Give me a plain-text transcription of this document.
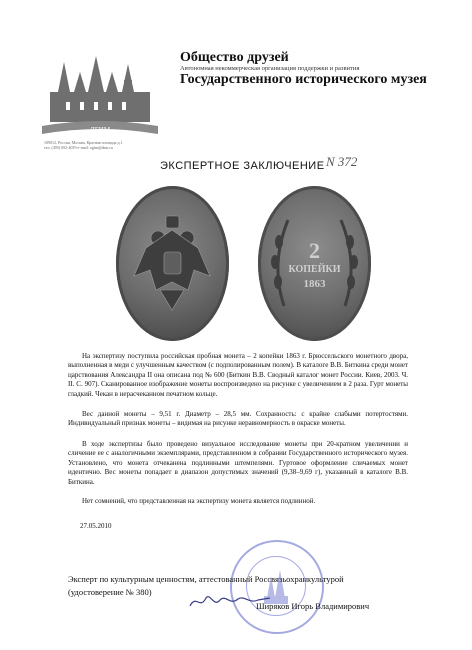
ДГИМ
Общество друзей
Автономная некоммерческая организация поддержки и развития
Государственного исторического музея
109012, Россия, Москва, Красная площадь д.1
тел. (495) 692-4019 e-mail: ogim@shm.ru
ЭКСПЕРТНОЕ ЗАКЛЮЧЕНИЕ N 372
2
КОПЕЙКИ
1863
На экспертизу поступила российская пробная монета – 2 копейки 1863 г. Брюссельского монетного двора, выполненная в меди с улучшенным качеством (с подполированным полем). В каталоге В.В. Биткина среди монет царствования Александра II она описана под № 600 (Биткин В.В. Сводный каталог монет России. Киев, 2003. Ч. II. С. 907). Сканированное изображение монеты воспроизведено на рисунке с увеличением в 2 раза. Гурт монеты гладкий. Чекан в нерасчеканном печатном кольце.
Вес данной монеты – 9,51 г. Диаметр – 28,5 мм. Сохранность: с крайне слабыми потертостями. Индивидуальный признак монеты – видимая на рисунке неравномерность в окраске монеты.
В ходе экспертизы было проведено визуальное исследование монеты при 20-кратном увеличении и сличение ее с аналогичными экземплярами, представленном в собрании Государственного исторического музея. Установлено, что монета отчеканена подлинными штемпелями. Гуртовое оформление сличаемых монет идентично. Вес монеты попадает в диапазон допустимых значений (9,38–9,69 г), указанный в каталоге В.В. Биткина.
Нет сомнений, что представленная на экспертизу монета является подлинной.
27.05.2010
Эксперт по культурным ценностям, аттестованный Россвязьохранкультурой
(удостоверение № 380)
Ширяков Игорь Владимирович
